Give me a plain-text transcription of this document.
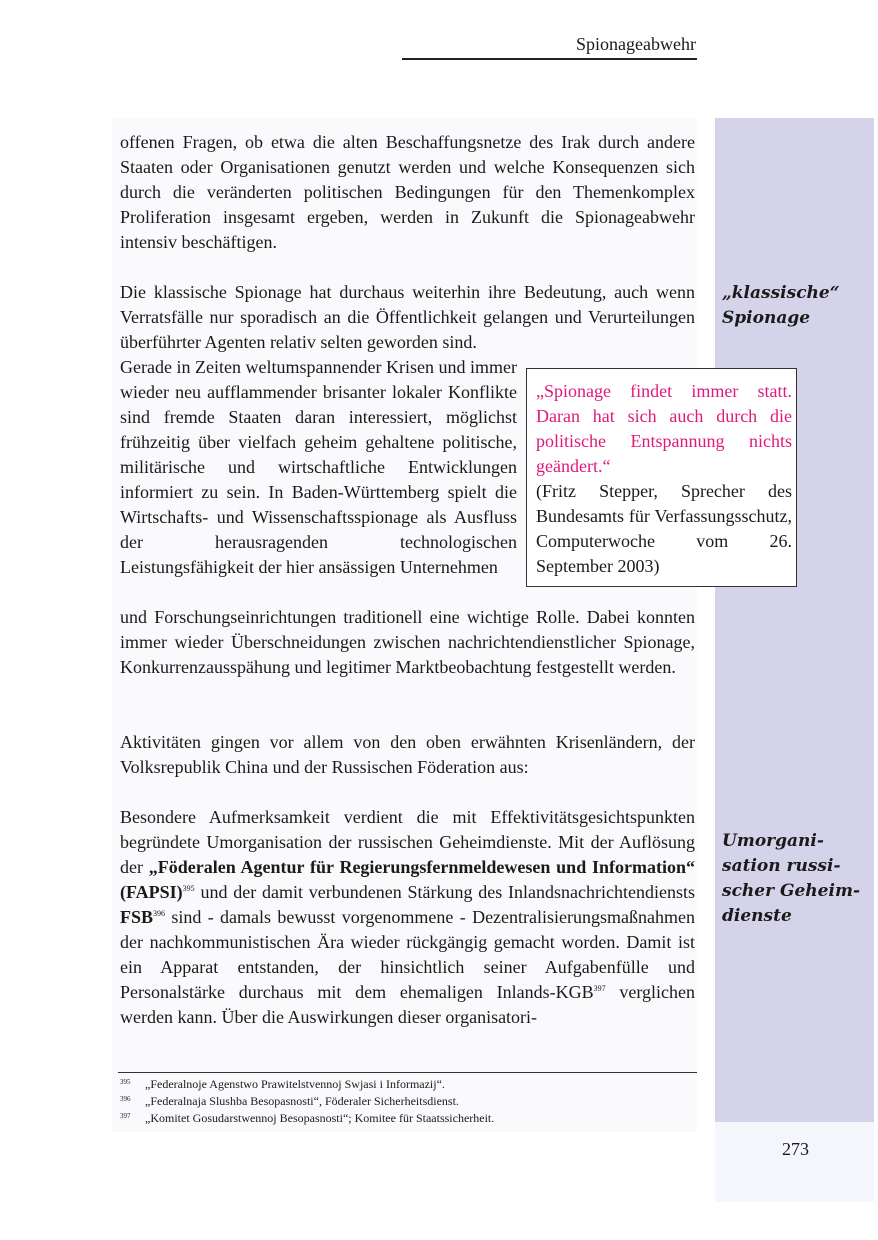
Spionageabwehr

offenen Fragen, ob etwa die alten Beschaffungsnetze des Irak durch andere Staaten oder Organisationen genutzt werden und welche Konsequenzen sich durch die veränderten politischen Bedingungen für den Themenkomplex Proliferation insgesamt ergeben, werden in Zukunft die Spionageabwehr intensiv beschäftigen.

Die klassische Spionage hat durchaus weiterhin ihre Bedeutung, auch wenn Verratsfälle nur sporadisch an die Öffentlichkeit gelangen und Verurteilungen überführter Agenten relativ selten geworden sind.

Gerade in Zeiten weltumspannender Krisen und immer wieder neu aufflammender brisanter lokaler Konflikte sind fremde Staaten daran interessiert, möglichst frühzeitig über vielfach geheim gehaltene politische, militärische und wirtschaftliche Entwicklungen informiert zu sein. In Baden-Württemberg spielt die Wirtschafts- und Wissenschaftsspionage als Ausfluss der herausragenden technologischen Leistungsfähigkeit der hier ansässigen Unternehmen

und Forschungseinrichtungen traditionell eine wichtige Rolle. Dabei konnten immer wieder Überschneidungen zwischen nachrichtendienstlicher Spionage, Konkurrenzausspähung und legitimer Marktbeobachtung festgestellt werden.

Aktivitäten gingen vor allem von den oben erwähnten Krisenländern, der Volksrepublik China und der Russischen Föderation aus:

Besondere Aufmerksamkeit verdient die mit Effektivitätsgesichtspunkten begründete Umorganisation der russischen Geheimdienste. Mit der Auflösung der „Föderalen Agentur für Regierungsfernmeldewesen und Information“ (FAPSI)$^{395}$ und der damit verbundenen Stärkung des Inlandsnachrichtendiensts FSB$^{396}$ sind - damals bewusst vorgenommene - Dezentralisierungsmaßnahmen der nachkommunistischen Ära wieder rückgängig gemacht worden. Damit ist ein Apparat entstanden, der hinsichtlich seiner Aufgabenfülle und Personalstärke durchaus mit dem ehemaligen Inlands-KGB$^{397}$ verglichen werden kann. Über die Auswirkungen dieser organisatori-

„Spionage findet immer statt. Daran hat sich auch durch die politische Entspannung nichts geändert.“
(Fritz Stepper, Sprecher des Bundesamts für Verfassungsschutz, Computerwoche vom 26. September 2003)
„klassische“ Spionage
Umorganisation russischer Geheimdienste
395	„Federalnoje Agenstwo Prawitelstvennoj Swjasi i Informazij“.
396	„Federalnaja Slushba Besopasnosti“, Föderaler Sicherheitsdienst.
397	„Komitet Gosudarstwennoj Besopasnosti“; Komitee für Staatssicherheit.
273
